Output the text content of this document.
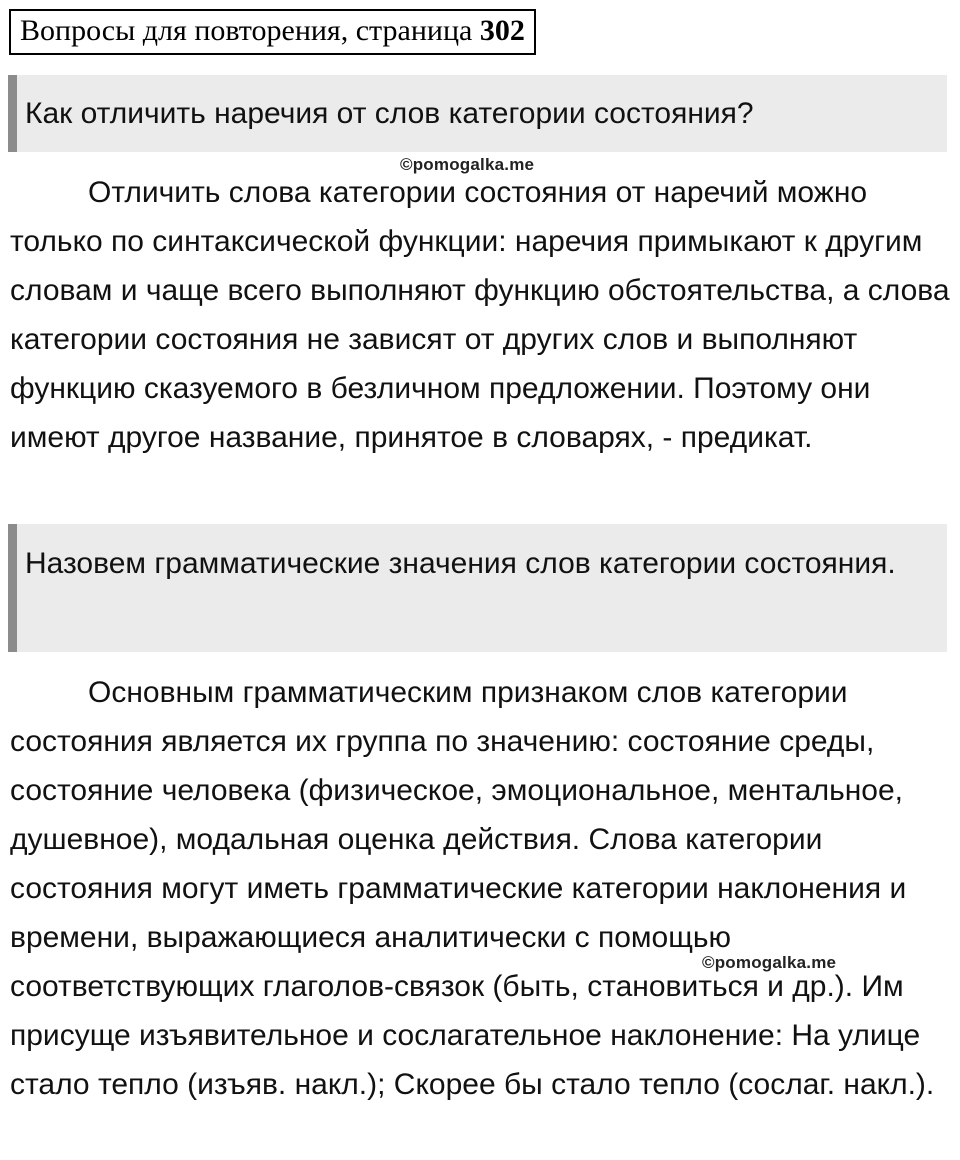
Вопросы для повторения, страница 302
Как отличить наречия от слов категории состояния?
©pomogalka.me

Отличить слова категории состояния от наречий можно только по синтаксической функции: наречия примыкают к другим словам и чаще всего выполняют функцию обстоятельства, а слова категории состояния не зависят от других слов и выполняют функцию сказуемого в безличном предложении. Поэтому они имеют другое название, принятое в словарях, - предикат.

Назовем грамматические значения слов категории состояния.

Основным грамматическим признаком слов категории состояния является их группа по значению: состояние среды, состояние человека (физическое, эмоциональное, ментальное, душевное), модальная оценка действия. Слова категории состояния могут иметь грамматические категории наклонения и времени, выражающиеся аналитически с помощью соответствующих глаголов-связок (быть, становиться и др.). Им присуще изъявительное и сослагательное наклонение: На улице стало тепло (изъяв. накл.); Скорее бы стало тепло (сослаг. накл.).

©pomogalka.me
